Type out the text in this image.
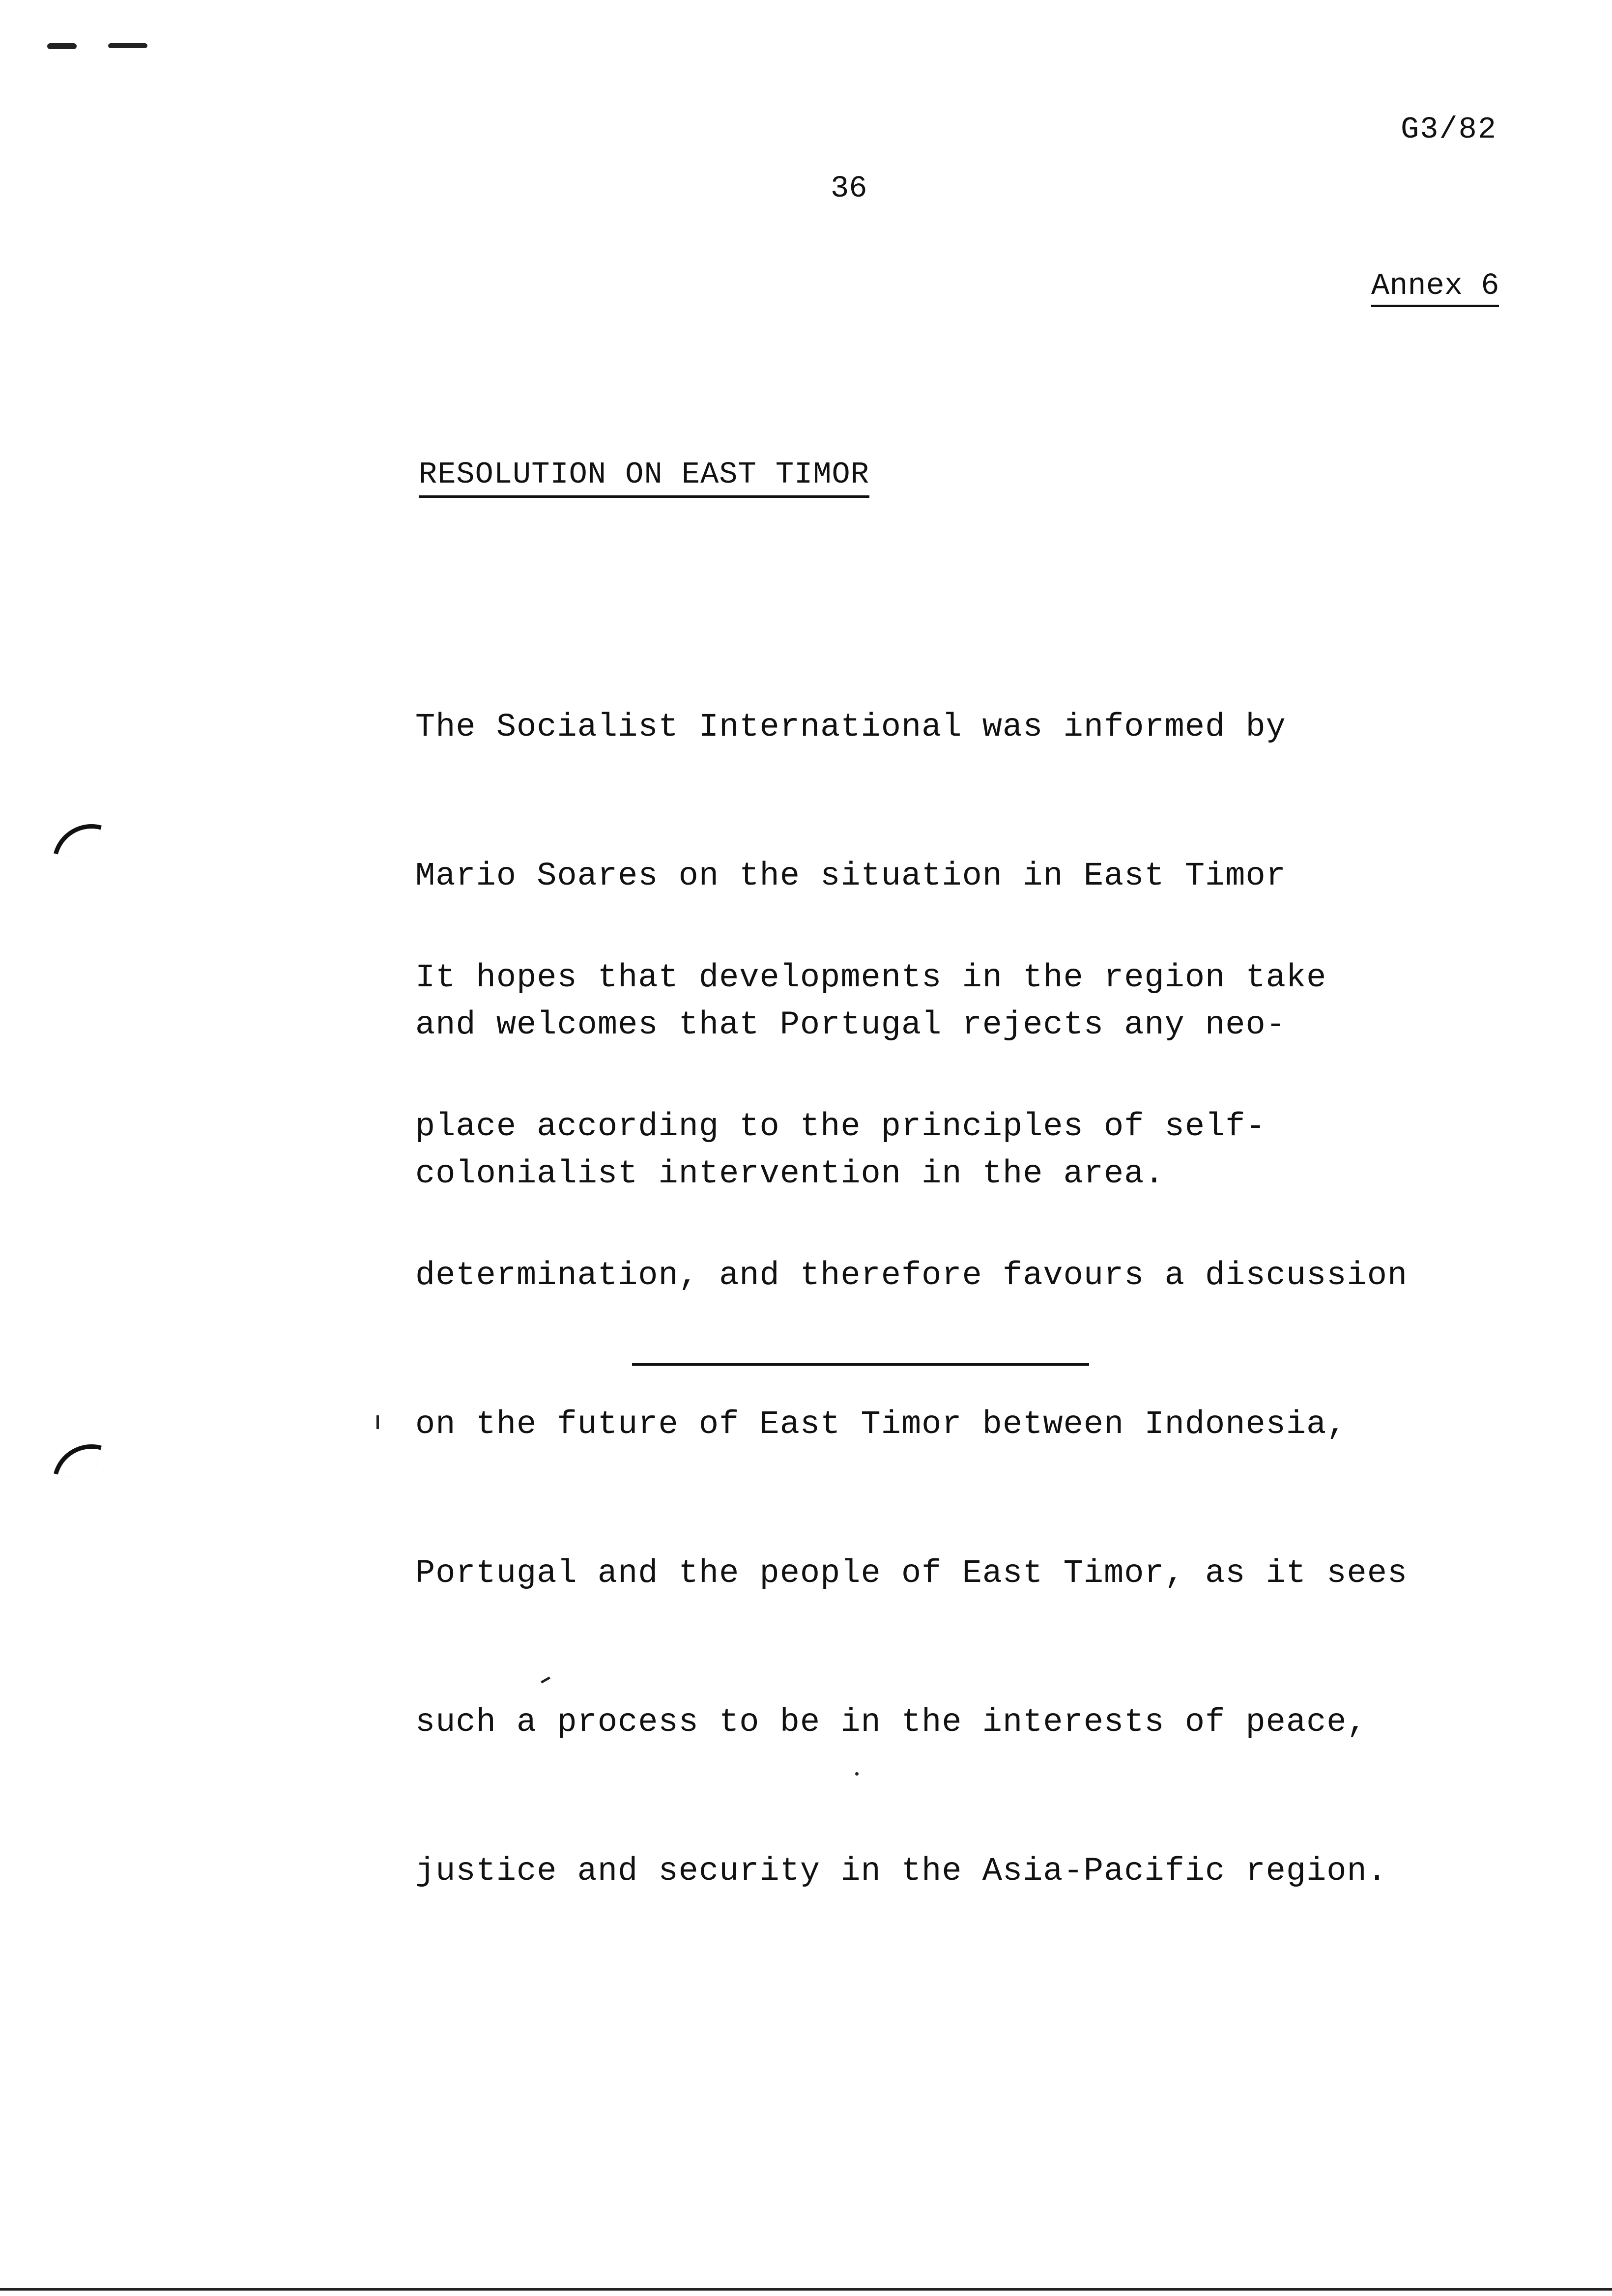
G3/82
36
Annex 6
RESOLUTION ON EAST TIMOR

The Socialist International was informed by

Mario Soares on the situation in East Timor

and welcomes that Portugal rejects any neo-

colonialist intervention in the area.

It hopes that developments in the region take

place according to the principles of self-

determination, and therefore favours a discussion

on the future of East Timor between Indonesia,

Portugal and the people of East Timor, as it sees

such a process to be in the interests of peace,

justice and security in the Asia-Pacific region.
